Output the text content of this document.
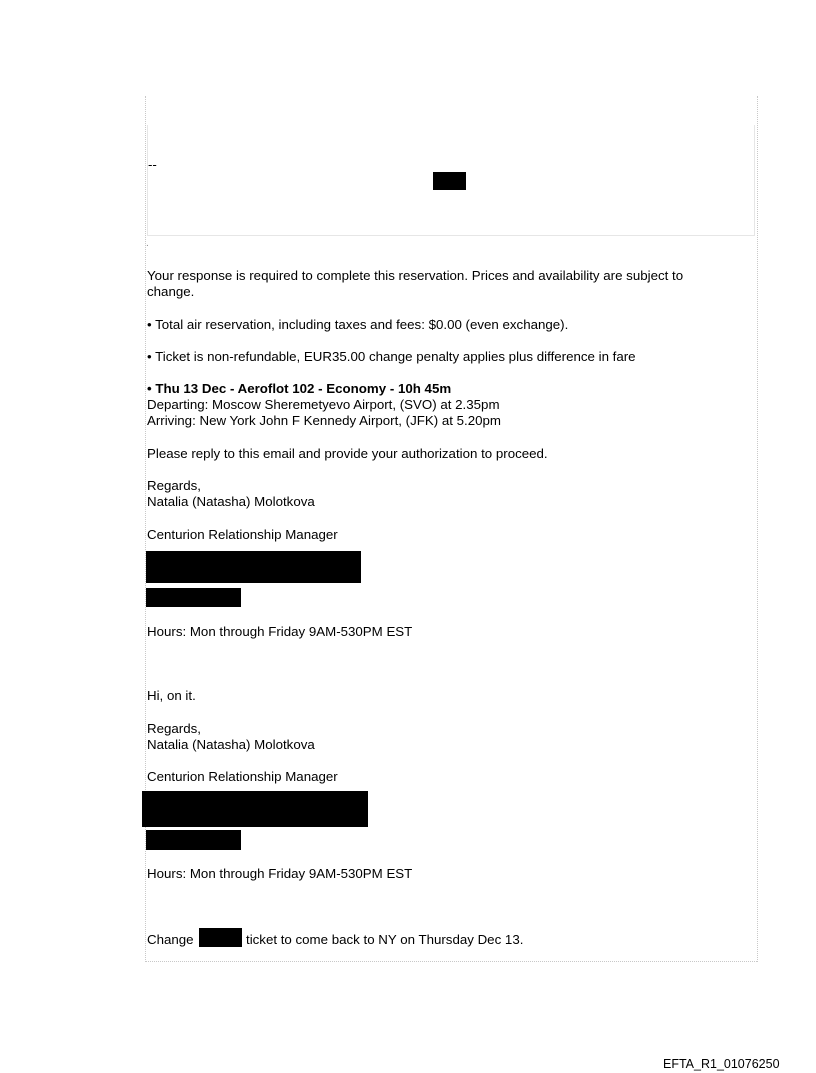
--
.
Your response is required to complete this reservation. Prices and availability are subject to
change.
• Total air reservation, including taxes and fees: $0.00 (even exchange).
• Ticket is non-refundable, EUR35.00 change penalty applies plus difference in fare
• Thu 13 Dec - Aeroflot 102 - Economy - 10h 45m
Departing: Moscow Sheremetyevo Airport, (SVO) at 2.35pm
Arriving: New York John F Kennedy Airport, (JFK) at 5.20pm
Please reply to this email and provide your authorization to proceed.
Regards,
Natalia (Natasha) Molotkova
Centurion Relationship Manager
Hours: Mon through Friday 9AM-530PM EST
Hi, on it.
Regards,
Natalia (Natasha) Molotkova
Centurion Relationship Manager
Hours: Mon through Friday 9AM-530PM EST
Change	ticket to come back to NY on Thursday Dec 13.
EFTA_R1_01076250
